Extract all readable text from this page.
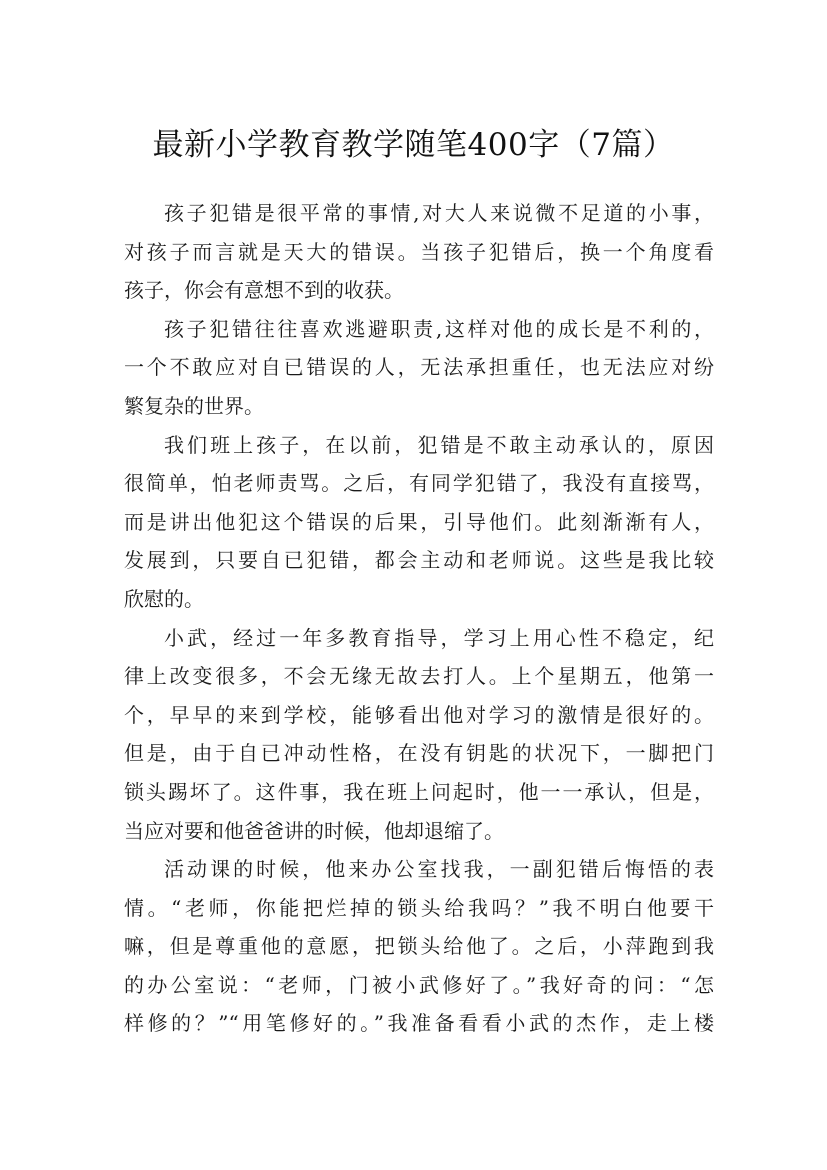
最新小学教育教学随笔400字（7篇）

孩子犯错是很平常的事情,对大人来说微不足道的小事，
对孩子而言就是天大的错误。当孩子犯错后，换一个角度看
孩子，你会有意想不到的收获。

孩子犯错往往喜欢逃避职责,这样对他的成长是不利的，
一个不敢应对自已错误的人，无法承担重任，也无法应对纷
繁复杂的世界。

我们班上孩子，在以前，犯错是不敢主动承认的，原因
很简单，怕老师责骂。之后，有同学犯错了，我没有直接骂，
而是讲出他犯这个错误的后果，引导他们。此刻渐渐有人，
发展到，只要自已犯错，都会主动和老师说。这些是我比较
欣慰的。

小武，经过一年多教育指导，学习上用心性不稳定，纪
律上改变很多，不会无缘无故去打人。上个星期五，他第一
个，早早的来到学校，能够看出他对学习的激情是很好的。
但是，由于自已冲动性格，在没有钥匙的状况下，一脚把门
锁头踢坏了。这件事，我在班上问起时，他一一承认，但是，
当应对要和他爸爸讲的时候，他却退缩了。

活动课的时候，他来办公室找我，一副犯错后悔悟的表
情。“老师，你能把烂掉的锁头给我吗？”我不明白他要干
嘛，但是尊重他的意愿，把锁头给他了。之后，小萍跑到我
的办公室说：“老师，门被小武修好了。”我好奇的问：“怎
样修的？”“用笔修好的。”我准备看看小武的杰作，走上楼
